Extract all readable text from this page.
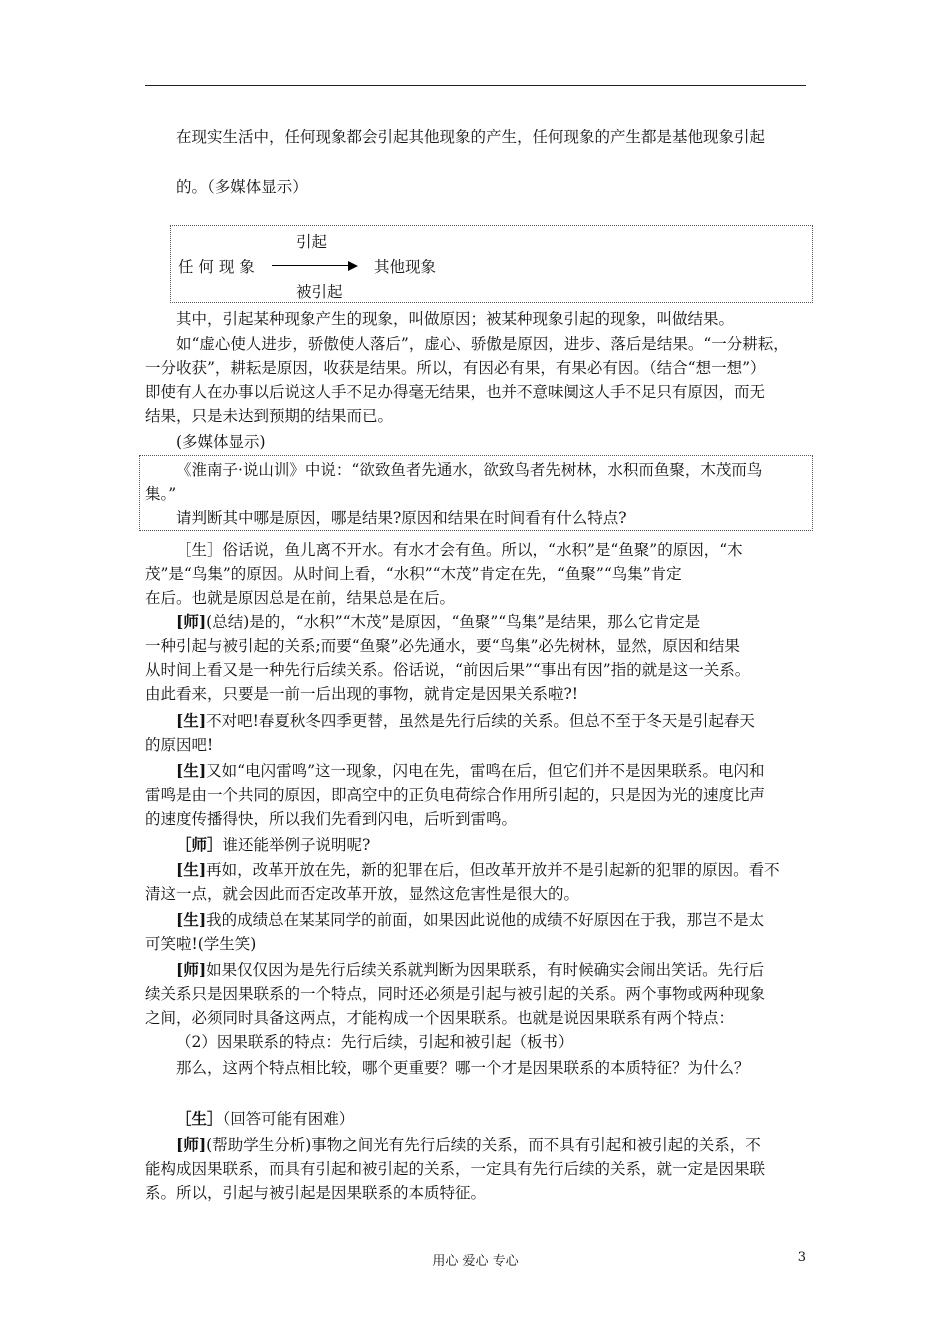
在现实生活中，任何现象都会引起其他现象的产生，任何现象的产生都是基他现象引起
的。（多媒体显示）
引起
任 何 现 象	其他现象
被引起
其中，引起某种现象产生的现象，叫做原因；被某种现象引起的现象，叫做结果。
如“虚心使人进步，骄傲使人落后”，虚心、骄傲是原因，进步、落后是结果。“一分耕耘，
一分收获”，耕耘是原因，收获是结果。所以，有因必有果，有果必有因。（结合“想一想”）
即使有人在办事以后说这人手不足办得毫无结果，也并不意味阒这人手不足只有原因，而无
结果，只是未达到预期的结果而已。
(多媒体显示)
《淮南子·说山训》中说：“欲致鱼者先通水，欲致鸟者先树林，水积而鱼聚，木茂而鸟
集。”
请判断其中哪是原因，哪是结果?原因和结果在时间看有什么特点?
［生］俗话说，鱼儿离不开水。有水才会有鱼。所以，“水积”是“鱼聚”的原因，“木
茂”是“鸟集”的原因。从时间上看，“水积”“木茂”肯定在先，“鱼聚”“鸟集”肯定
在后。也就是原因总是在前，结果总是在后。
[师](总结)是的，“水积”“木茂”是原因，“鱼聚”“鸟集”是结果，那么它肯定是
一种引起与被引起的关系;而要“鱼聚”必先通水，要“鸟集”必先树林，显然，原因和结果
从时间上看又是一种先行后续关系。俗话说，“前因后果”“事出有因”指的就是这一关系。
由此看来，只要是一前一后出现的事物，就肯定是因果关系啦?!
[生]不对吧!春夏秋冬四季更替，虽然是先行后续的关系。但总不至于冬天是引起春天
的原因吧!
[生]又如“电闪雷鸣”这一现象，闪电在先，雷鸣在后，但它们并不是因果联系。电闪和
雷鸣是由一个共同的原因，即高空中的正负电荷综合作用所引起的，只是因为光的速度比声
的速度传播得快，所以我们先看到闪电，后听到雷鸣。
［师］谁还能举例子说明呢?
[生]再如，改革开放在先，新的犯罪在后，但改革开放并不是引起新的犯罪的原因。看不
清这一点，就会因此而否定改革开放，显然这危害性是很大的。
[生]我的成绩总在某某同学的前面，如果因此说他的成绩不好原因在于我，那岂不是太
可笑啦!(学生笑)
[师]如果仅仅因为是先行后续关系就判断为因果联系，有时候确实会闹出笑话。先行后
续关系只是因果联系的一个特点，同时还必须是引起与被引起的关系。两个事物或两种现象
之间，必须同时具备这两点，才能构成一个因果联系。也就是说因果联系有两个特点：
（2）因果联系的特点：先行后续，引起和被引起（板书）
那么，这两个特点相比较，哪个更重要？哪一个才是因果联系的本质特征？为什么？
［生］（回答可能有困难）
[师](帮助学生分析)事物之间光有先行后续的关系，而不具有引起和被引起的关系，不
能构成因果联系，而具有引起和被引起的关系，一定具有先行后续的关系，就一定是因果联
系。所以，引起与被引起是因果联系的本质特征。
用心 爱心 专心	3
